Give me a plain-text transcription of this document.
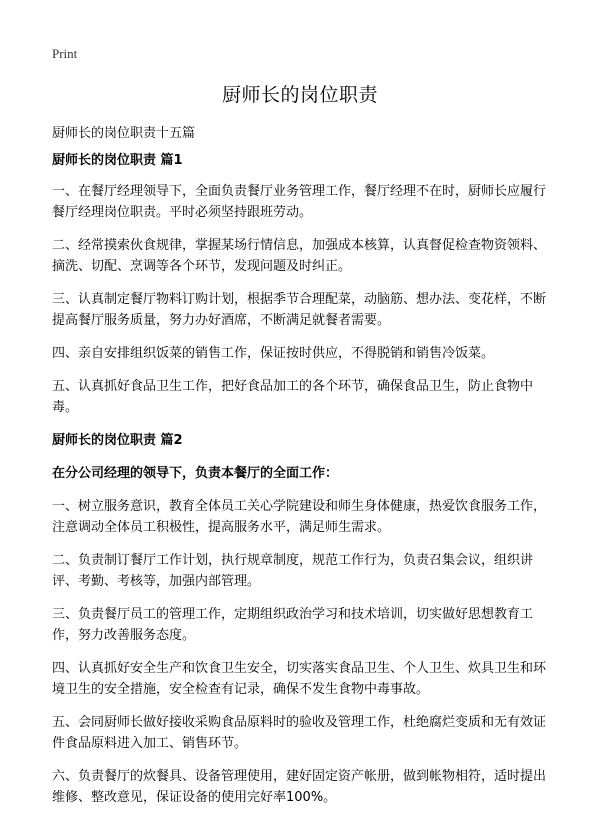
Print
厨师长的岗位职责
厨师长的岗位职责十五篇

厨师长的岗位职责 篇1

一、在餐厅经理领导下，全面负责餐厅业务管理工作，餐厅经理不在时，厨师长应履行餐厅经理岗位职责。平时必须坚持跟班劳动。

二、经常摸索伙食规律，掌握某场行情信息，加强成本核算，认真督促检查物资领料、摘洗、切配、烹调等各个环节，发现问题及时纠正。

三、认真制定餐厅物料订购计划，根据季节合理配菜，动脑筋、想办法、变花样，不断提高餐厅服务质量，努力办好酒席，不断满足就餐者需要。

四、亲自安排组织饭菜的销售工作，保证按时供应，不得脱销和销售冷饭菜。

五、认真抓好食品卫生工作，把好食品加工的各个环节，确保食品卫生，防止食物中毒。

厨师长的岗位职责 篇2

在分公司经理的领导下，负责本餐厅的全面工作：

一、树立服务意识，教育全体员工关心学院建设和师生身体健康，热爱饮食服务工作，注意调动全体员工积极性，提高服务水平，满足师生需求。

二、负责制订餐厅工作计划，执行规章制度，规范工作行为，负责召集会议，组织讲评、考勤、考核等，加强内部管理。

三、负责餐厅员工的管理工作，定期组织政治学习和技术培训，切实做好思想教育工作，努力改善服务态度。

四、认真抓好安全生产和饮食卫生安全，切实落实食品卫生、个人卫生、炊具卫生和环境卫生的安全措施，安全检查有记录，确保不发生食物中毒事故。

五、会同厨师长做好接收采购食品原料时的验收及管理工作，杜绝腐烂变质和无有效证件食品原料进入加工、销售环节。

六、负责餐厅的炊餐具、设备管理使用，建好固定资产帐册，做到帐物相符，适时提出维修、整改意见，保证设备的使用完好率100%。
